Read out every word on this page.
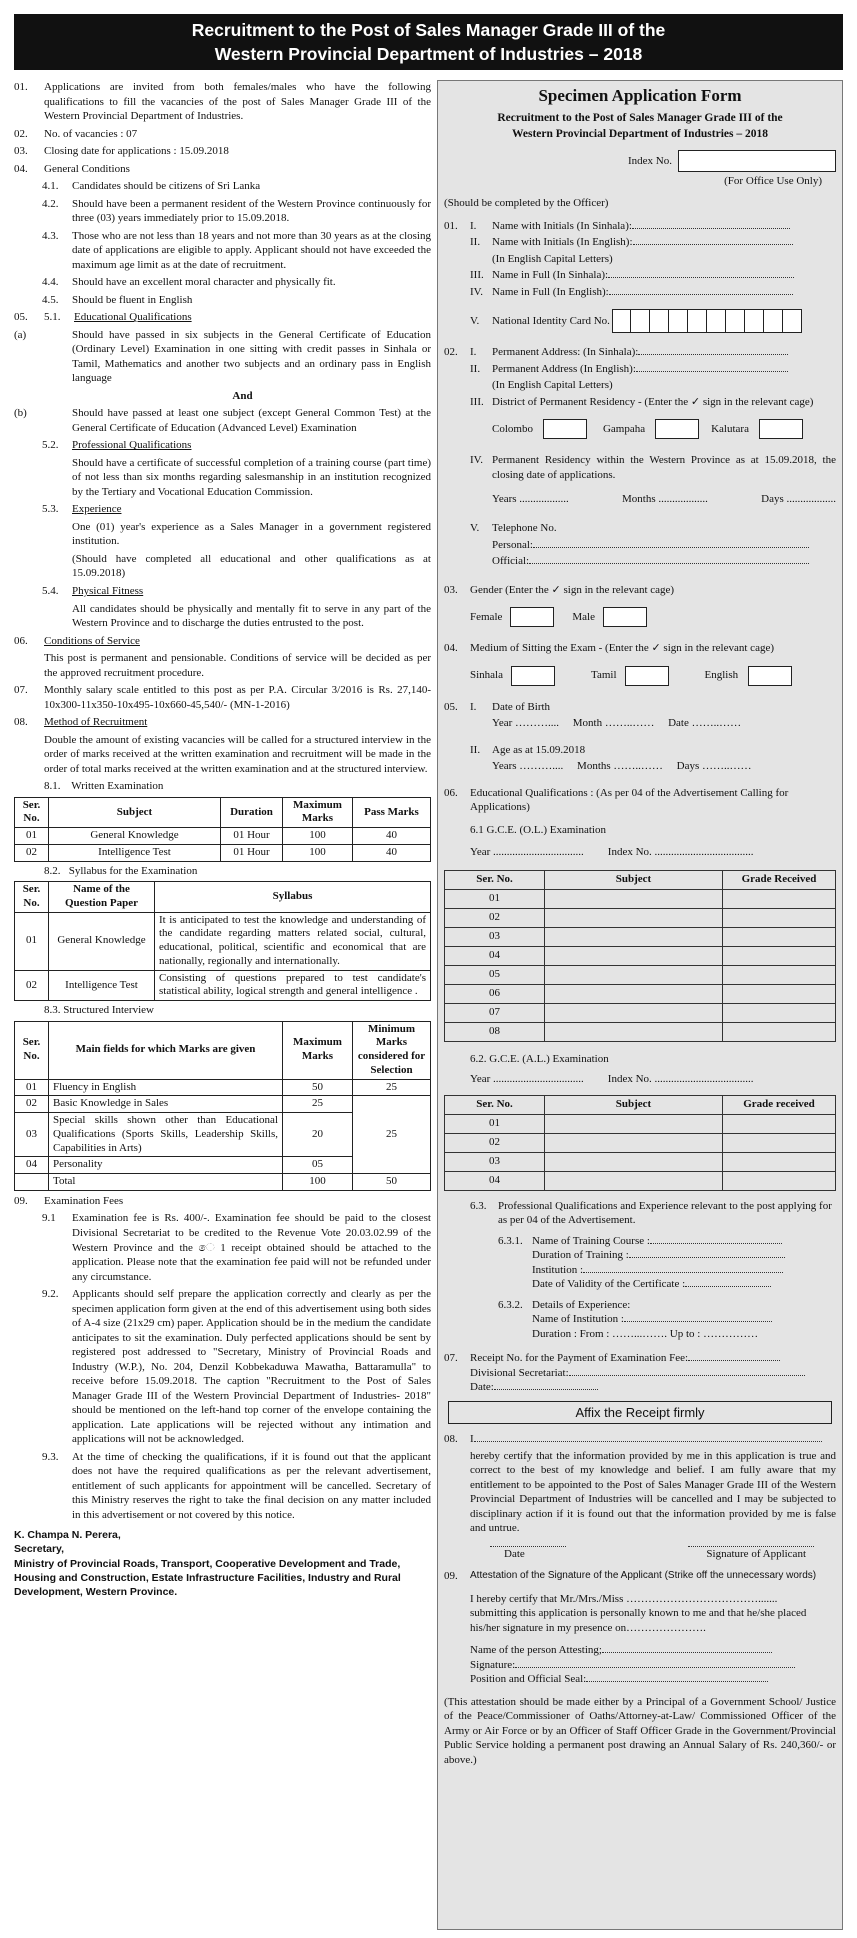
Recruitment to the Post of Sales Manager Grade III of the
Western Provincial Department of Industries – 2018
01.	Applications are invited from both females/males who have the following qualifications to fill the vacancies of the post of Sales Manager Grade III of the Western Provincial Department of Industries.
02.	No. of vacancies : 07
03.	Closing date for applications : 15.09.2018
04.	General Conditions
4.1.	Candidates should be citizens of Sri Lanka
4.2.	Should have been a permanent resident of the Western Province continuously for three (03) years immediately prior to 15.09.2018.
4.3.	Those who are not less than 18 years and not more than 30 years as at the closing date of applications are eligible to apply. Applicant should not have exceeded the maximum age limit as at the date of recruitment.
4.4.	Should have an excellent moral character and physically fit.
4.5.	Should be fluent in English
05.	5.1.	Educational Qualifications
(a)	Should have passed in six subjects in the General Certificate of Education (Ordinary Level) Examination in one sitting with credit passes in Sinhala or Tamil, Mathematics and another two subjects and an ordinary pass in English language
And
(b)	Should have passed at least one subject (except General Common Test) at the General Certificate of Education (Advanced Level) Examination
5.2.	Professional Qualifications
Should have a certificate of successful completion of a training course (part time) of not less than six months regarding salesmanship in an institution recognized by the Tertiary and Vocational Education Commission.
5.3.	Experience
One (01) year's experience as a Sales Manager in a government registered institution.
(Should have completed all educational and other qualifications as at 15.09.2018)
5.4.	Physical Fitness
All candidates should be physically and mentally fit to serve in any part of the Western Province and to discharge the duties entrusted to the post.
06.	Conditions of Service
This post is permanent and pensionable. Conditions of service will be decided as per the approved recruitment procedure.
07.	Monthly salary scale entitled to this post as per P.A. Circular 3/2016 is Rs. 27,140-10x300-11x350-10x495-10x660-45,540/- (MN-1-2016)
08.	Method of Recruitment
Double the amount of existing vacancies will be called for a structured interview in the order of marks received at the written examination and recruitment will be made in the order of total marks received at the written examination and at the structured interview.
8.1.    Written Examination
Ser. No.	Subject	Duration	Maximum Marks	Pass Marks
01	General Knowledge	01 Hour	100	40
02	Intelligence Test	01 Hour	100	40
8.2.   Syllabus for the Examination
Ser. No.	Name of the Question Paper	Syllabus
01	General Knowledge	It is anticipated to test the knowledge and understanding of the candidate regarding matters related social, cultural, educational, political, scientific and economical that are nationally, regionally and internationally.
02	Intelligence Test	Consisting of questions prepared to test candidate's statistical ability, logical strength and general intelligence .
8.3. Structured Interview
Ser. No.	Main fields for which Marks are given	Maximum Marks	Minimum Marks considered for Selection
01	Fluency in English	50	25
02	Basic Knowledge in Sales	25	25
03	Special skills shown other than Educational Qualifications (Sports Skills, Leadership Skills, Capabilities in Arts)	20	
04	Personality	05	
	Total	100	50
09.	Examination Fees
9.1	Examination fee is Rs. 400/-. Examination fee should be paid to the closest Divisional Secretariat to be credited to the Revenue Vote 20.03.02.99 of the Western Province and the ෙ 1 receipt obtained should be attached to the application. Please note that the examination fee paid will not be refunded under any circumstance.
9.2.	Applicants should self prepare the application correctly and clearly as per the specimen application form given at the end of this advertisement using both sides of A-4 size (21x29 cm) paper. Application should be in the medium the candidate anticipates to sit the examination. Duly perfected applications should be sent by registered post addressed to "Secretary, Ministry of Provincial Roads and Industry (W.P.), No. 204, Denzil Kobbekaduwa Mawatha, Battaramulla" to receive before 15.09.2018. The caption "Recruitment to the Post of Sales Manager Grade III of the Western Provincial Department of Industries- 2018" should be mentioned on the left-hand top corner of the envelope containing the application. Late applications will be rejected without any intimation and applications will not be acknowledged.
9.3.	At the time of checking the qualifications, if it is found out that the applicant does not have the required qualifications as per the relevant advertisement, entitlement of such applicants for appointment will be cancelled. Secretary of this Ministry reserves the right to take the final decision on any matter included in this advertisement or not covered by this notice.
K. Champa N. Perera,
Secretary,
Ministry of Provincial Roads, Transport, Cooperative Development and Trade, Housing and Construction, Estate Infrastructure Facilities, Industry and Rural Development, Western Province.
Specimen Application Form
Recruitment to the Post of Sales Manager Grade III of the
Western Provincial Department of Industries – 2018
Index No.
(For Office Use Only)
(Should be completed by the Officer)
01.	I.	Name with Initials (In Sinhala):
II.	Name with Initials (In English):
(In English Capital Letters)
III. Name in Full (In Sinhala):
IV. Name in Full (In English):
V.	National Identity Card No.
02.	I.	Permanent Address: (In Sinhala):
II.	Permanent Address (In English):
(In English Capital Letters)
III. District of Permanent Residency - (Enter the ✓ sign in the relevant cage)
Colombo	Gampaha	Kalutara
IV. Permanent Residency within the Western Province as at 15.09.2018, the closing date of applications.
Years ..................	Months ..................	Days ..................
V.	Telephone No.
Personal:
Official:
03.	Gender (Enter the ✓ sign in the relevant cage)
Female	Male
04.	Medium of Sitting the Exam - (Enter the ✓ sign in the relevant cage)
Sinhala	Tamil	English
05.	I.	Date of Birth
Year ………....     Month ……..……     Date ……..……
II.	Age as at 15.09.2018
Years ………....     Months ……..……     Days ……..……
06.	Educational Qualifications : (As per 04 of the Advertisement Calling for Applications)
6.1 G.C.E. (O.L.) Examination
Year ................................. Index No. ....................................
Ser. No.	Subject	Grade Received
01		
02		
03		
04		
05		
06		
07		
08		
6.2. G.C.E. (A.L.) Examination
Year ................................. Index No. ....................................
Ser. No.	Subject	Grade received
01		
02		
03		
04		
6.3.	Professional Qualifications and Experience relevant to the post applying for as per 04 of the Advertisement.
6.3.1. Name of Training Course :
Duration of Training :
Institution :
Date of Validity of the Certificate :
6.3.2. Details of Experience:
Name of Institution :
Duration : From : ……...……. Up to : ……………
07.	Receipt No. for the Payment of Examination Fee:
Divisional Secretariat:
Date:
Affix the Receipt firmly
08.	I
hereby certify that the information provided by me in this application is true and correct to the best of my knowledge and belief. I am fully aware that my entitlement to be appointed to the Post of Sales Manager Grade III of the Western Provincial Department of Industries will be cancelled and I may be subjected to disciplinary action if it is found out that the information provided by me is false and untrue.
Date	Signature of Applicant
09.	Attestation of the Signature of the Applicant (Strike off the unnecessary words)
I hereby certify that Mr./Mrs./Miss ……………………………….......
submitting this application is personally known to me and that he/she placed his/her signature in my presence on………………….
Name of the person Attesting;
Signature:
Position and Official Seal:
(This attestation should be made either by a Principal of a Government School/ Justice of the Peace/Commissioner of Oaths/Attorney-at-Law/ Commissioned Officer of the Army or Air Force or by an Officer of Staff Officer Grade in the Government/Provincial Public Service holding a permanent post drawing an Annual Salary of Rs. 240,360/- or above.)
